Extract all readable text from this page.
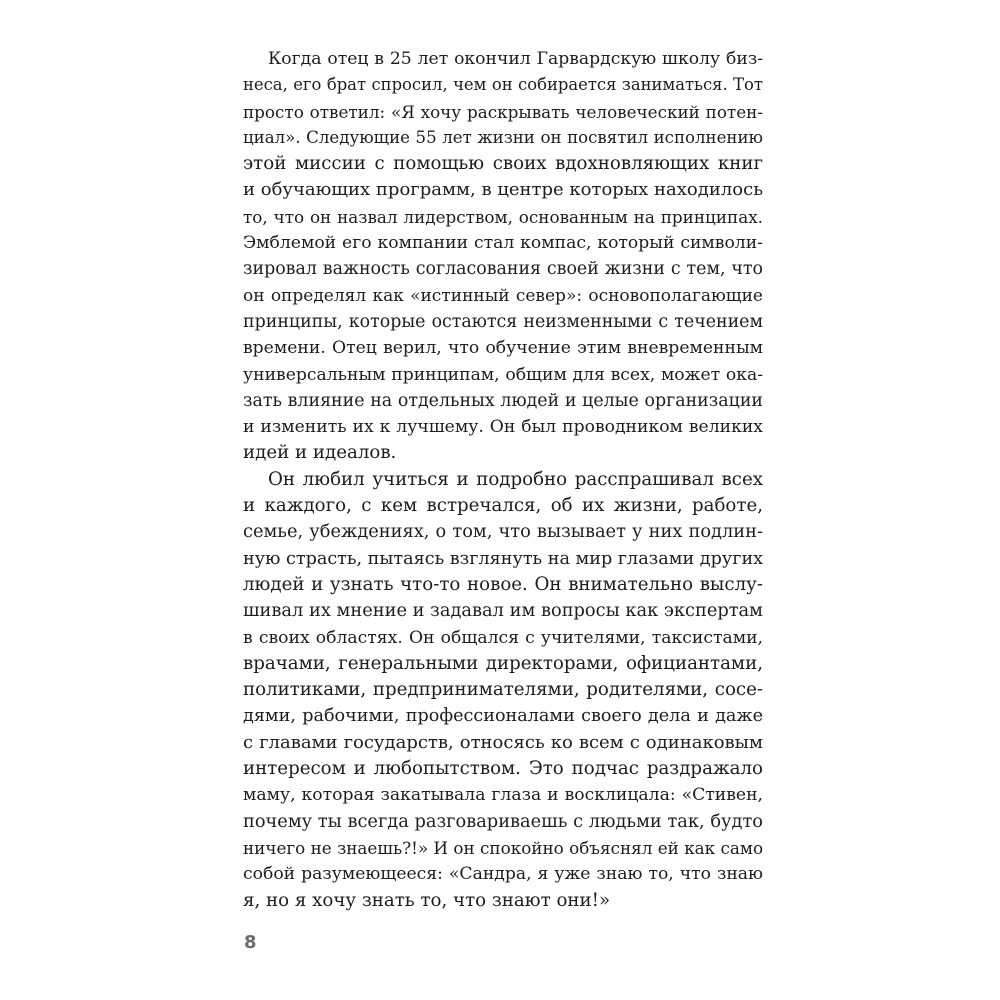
Когда отец в 25 лет окончил Гарвардскую школу биз-
неса, его брат спросил, чем он собирается заниматься. Тот
просто ответил: «Я хочу раскрывать человеческий потен-
циал». Следующие 55 лет жизни он посвятил исполнению
этой миссии с помощью своих вдохновляющих книг
и обучающих программ, в центре которых находилось
то, что он назвал лидерством, основанным на принципах.
Эмблемой его компании стал компас, который символи-
зировал важность согласования своей жизни с тем, что
он определял как «истинный север»: основополагающие
принципы, которые остаются неизменными с течением
времени. Отец верил, что обучение этим вневременным
универсальным принципам, общим для всех, может ока-
зать влияние на отдельных людей и целые организации
и изменить их к лучшему. Он был проводником великих
идей и идеалов.
Он любил учиться и подробно расспрашивал всех
и каждого, с кем встречался, об их жизни, работе,
семье, убеждениях, о том, что вызывает у них подлин-
ную страсть, пытаясь взглянуть на мир глазами других
людей и узнать что-то новое. Он внимательно выслу-
шивал их мнение и задавал им вопросы как экспертам
в своих областях. Он общался с учителями, таксистами,
врачами, генеральными директорами, официантами,
политиками, предпринимателями, родителями, сосе-
дями, рабочими, профессионалами своего дела и даже
с главами государств, относясь ко всем с одинаковым
интересом и любопытством. Это подчас раздражало
маму, которая закатывала глаза и восклицала: «Стивен,
почему ты всегда разговариваешь с людьми так, будто
ничего не знаешь?!» И он спокойно объяснял ей как само
собой разумеющееся: «Сандра, я уже знаю то, что знаю
я, но я хочу знать то, что знают они!»
8
